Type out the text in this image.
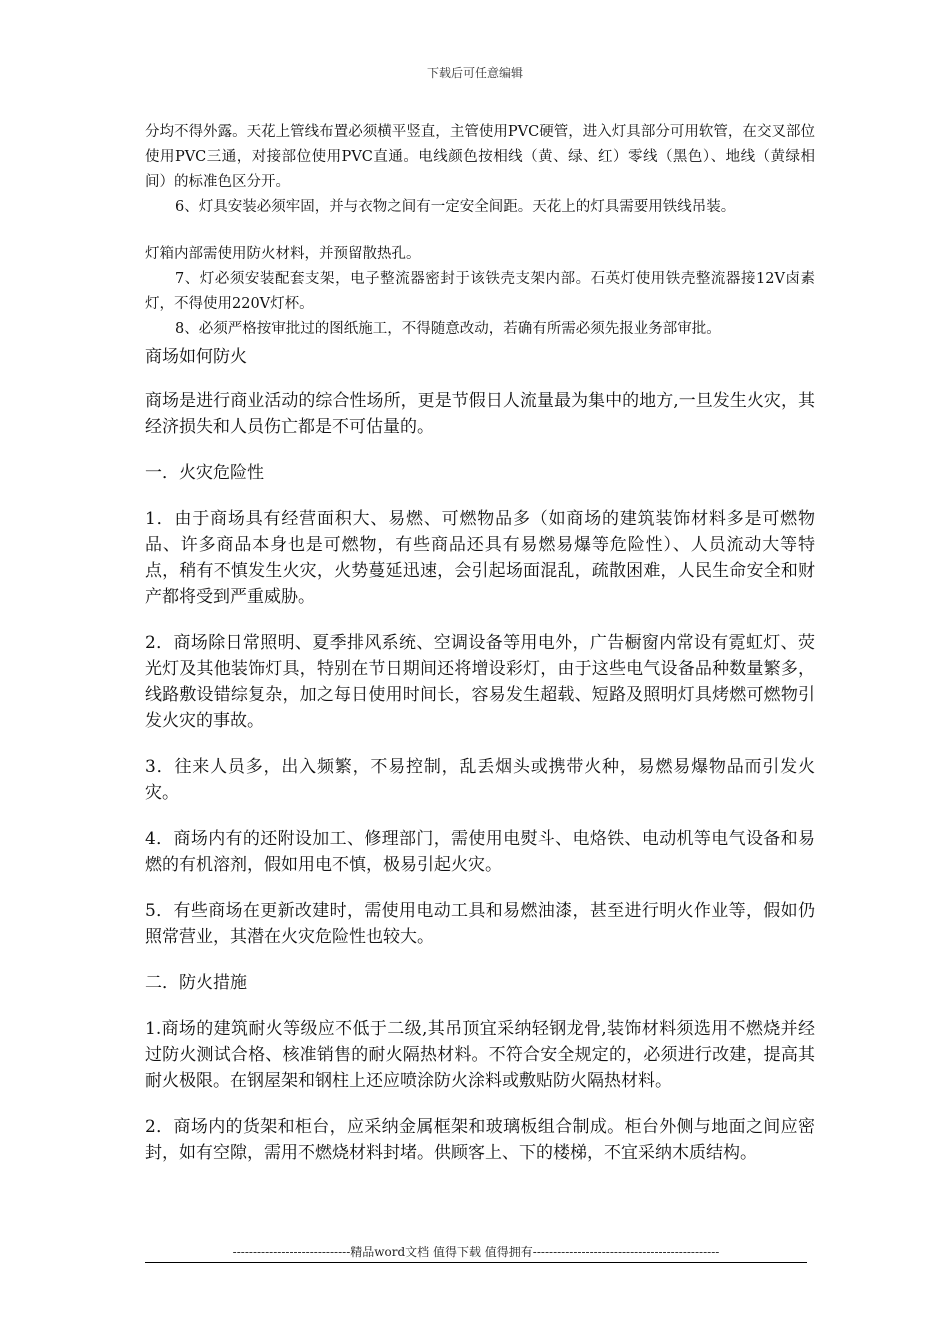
下载后可任意编辑

分均不得外露。天花上管线布置必须横平竖直，主管使用PVC硬管，进入灯具部分可用软管，在交叉部位使用PVC三通，对接部位使用PVC直通。电线颜色按相线（黄、绿、红）零线（黑色）、地线（黄绿相间）的标准色区分开。

6、灯具安装必须牢固，并与衣物之间有一定安全间距。天花上的灯具需要用铁线吊装。

灯箱内部需使用防火材料，并预留散热孔。

7、灯必须安装配套支架，电子整流器密封于该铁壳支架内部。石英灯使用铁壳整流器接12V卤素灯，不得使用220V灯杯。

8、必须严格按审批过的图纸施工，不得随意改动，若确有所需必须先报业务部审批。

商场如何防火

商场是进行商业活动的综合性场所，更是节假日人流量最为集中的地方,一旦发生火灾，其经济损失和人员伤亡都是不可估量的。

一．火灾危险性

1．由于商场具有经营面积大、易燃、可燃物品多（如商场的建筑装饰材料多是可燃物品、许多商品本身也是可燃物，有些商品还具有易燃易爆等危险性）、人员流动大等特点，稍有不慎发生火灾，火势蔓延迅速，会引起场面混乱，疏散困难，人民生命安全和财产都将受到严重威胁。

2．商场除日常照明、夏季排风系统、空调设备等用电外，广告橱窗内常设有霓虹灯、荧光灯及其他装饰灯具，特别在节日期间还将增设彩灯，由于这些电气设备品种数量繁多，线路敷设错综复杂，加之每日使用时间长，容易发生超载、短路及照明灯具烤燃可燃物引发火灾的事故。

3．往来人员多，出入频繁，不易控制，乱丢烟头或携带火种，易燃易爆物品而引发火灾。

4．商场内有的还附设加工、修理部门，需使用电熨斗、电烙铁、电动机等电气设备和易燃的有机溶剂，假如用电不慎，极易引起火灾。

5．有些商场在更新改建时，需使用电动工具和易燃油漆，甚至进行明火作业等，假如仍照常营业，其潜在火灾危险性也较大。

二．防火措施

1.商场的建筑耐火等级应不低于二级,其吊顶宜采纳轻钢龙骨,装饰材料须选用不燃烧并经过防火测试合格、核准销售的耐火隔热材料。不符合安全规定的，必须进行改建，提高其耐火极限。在钢屋架和钢柱上还应喷涂防火涂料或敷贴防火隔热材料。

2．商场内的货架和柜台，应采纳金属框架和玻璃板组合制成。柜台外侧与地面之间应密封，如有空隙，需用不燃烧材料封堵。供顾客上、下的楼梯，不宜采纳木质结构。

-----------------------------精品word文档 值得下载 值得拥有----------------------------------------------
